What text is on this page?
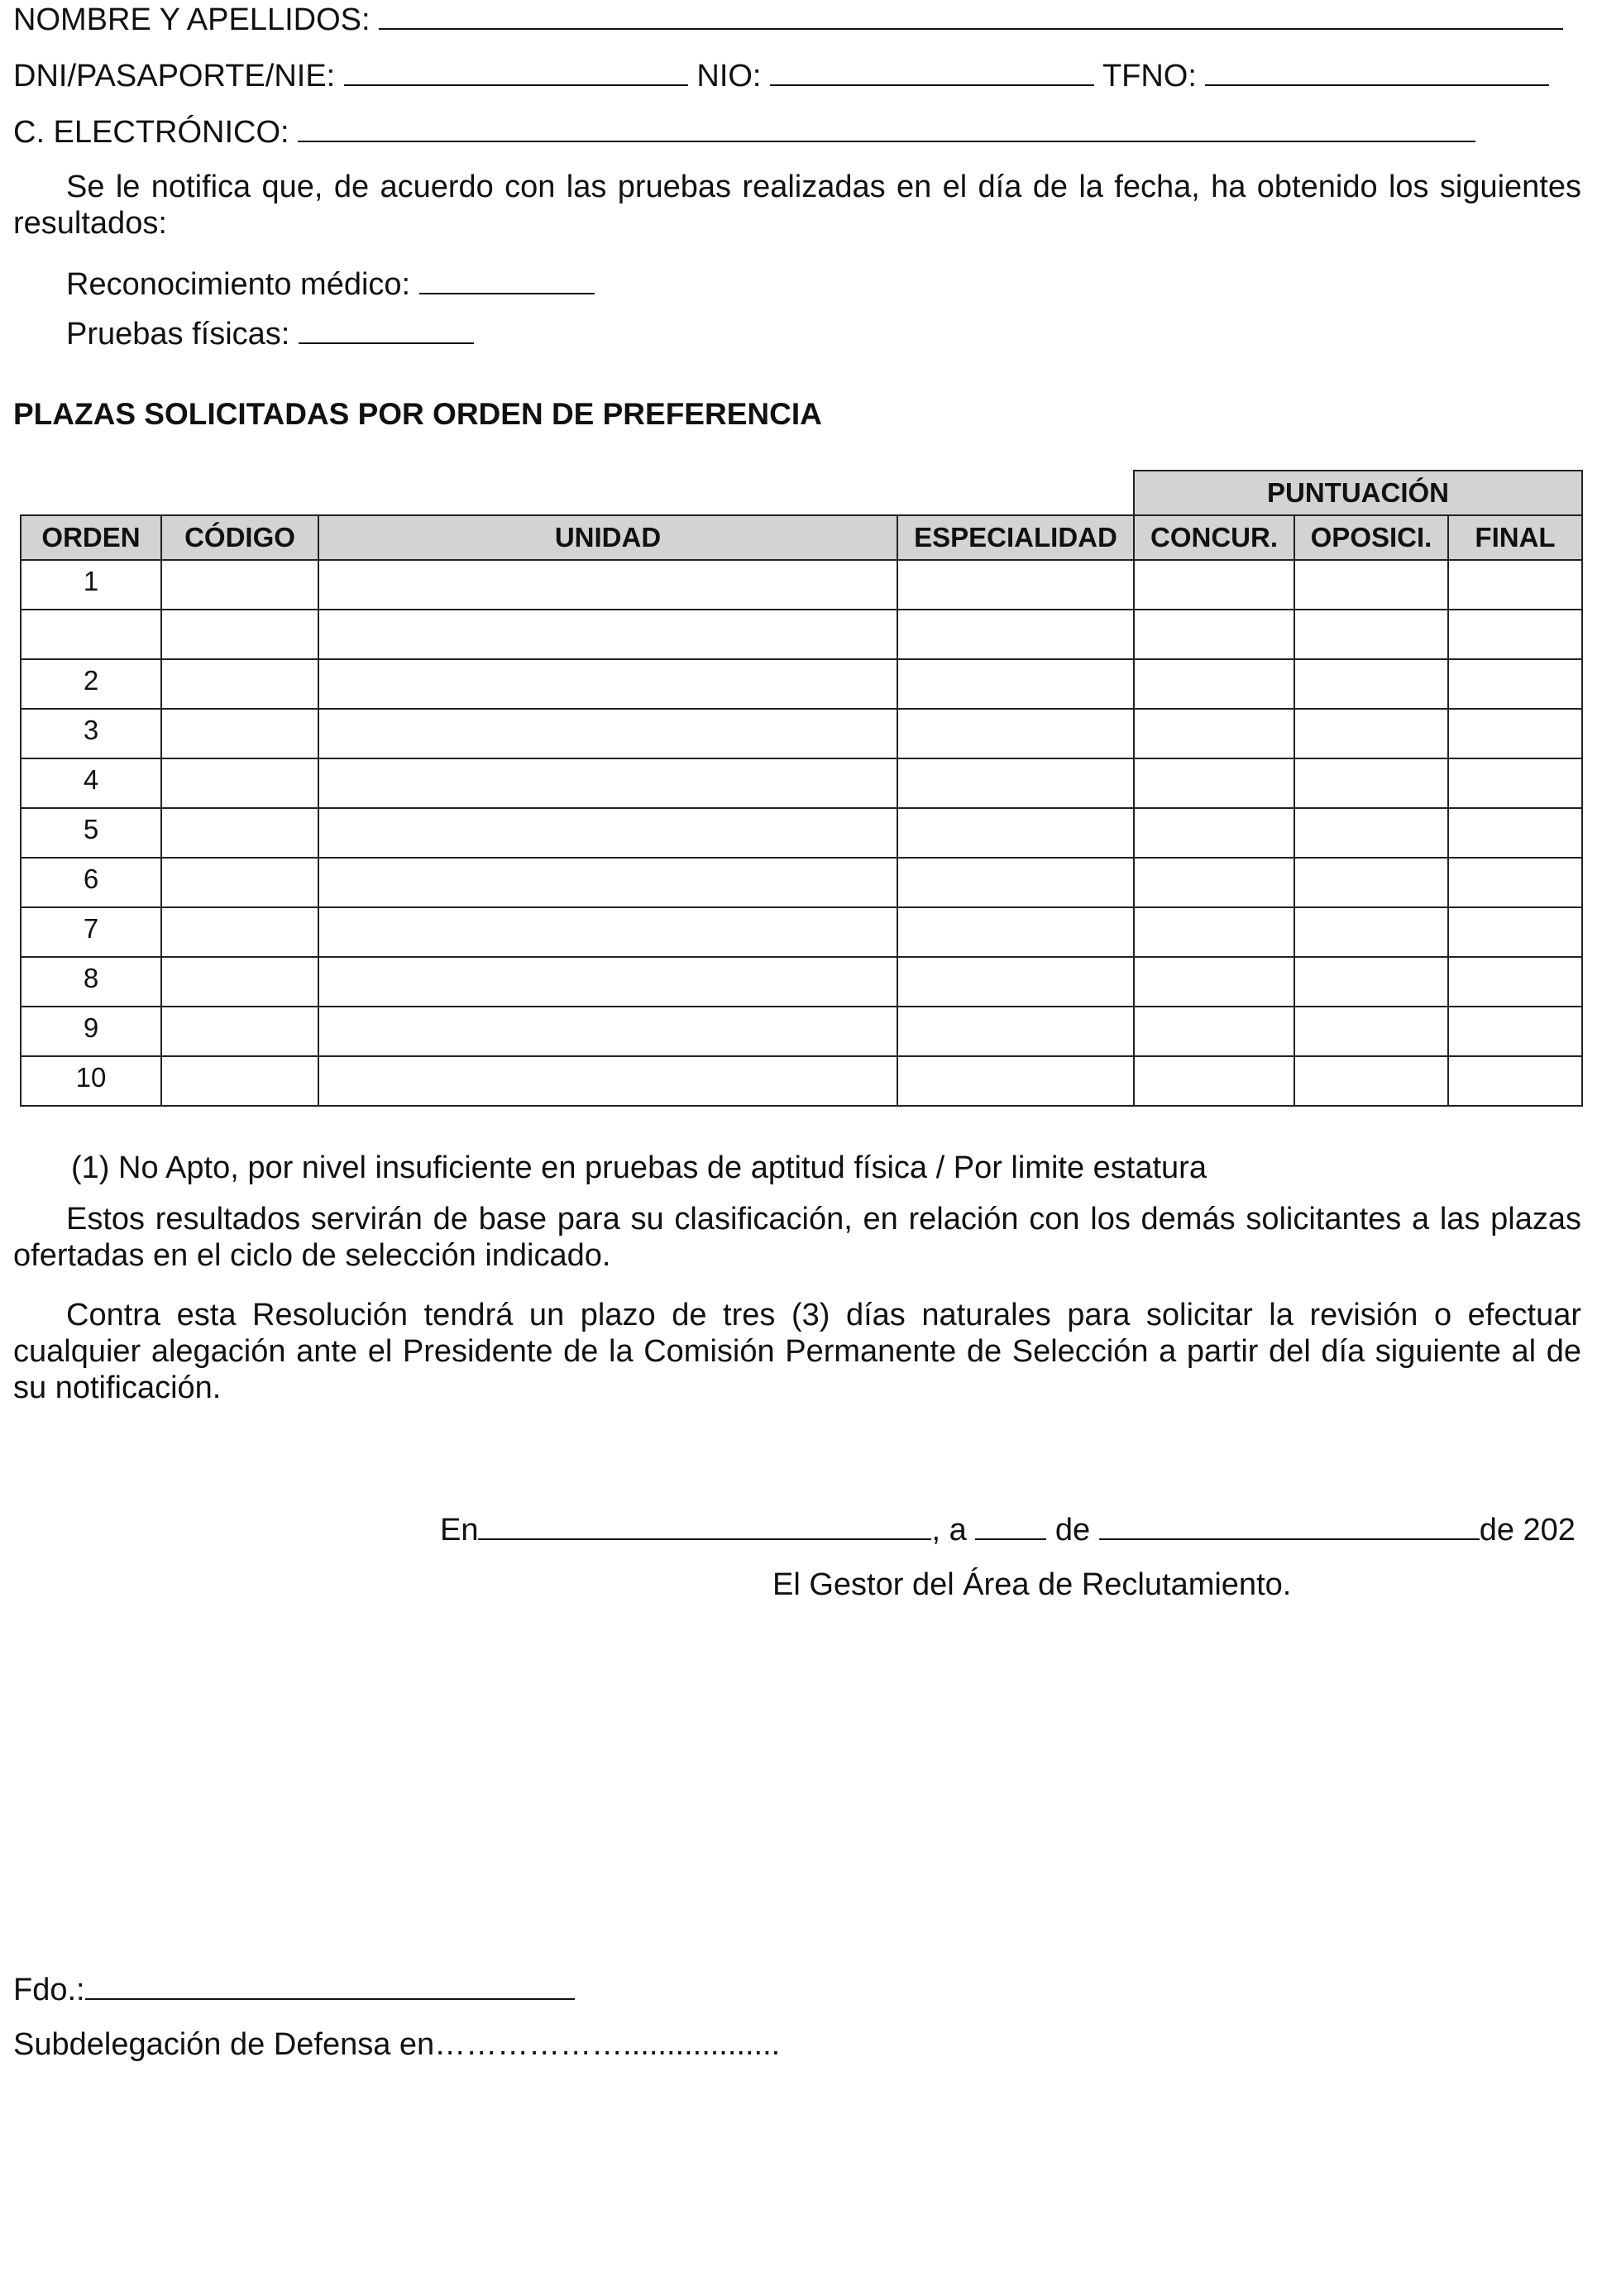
NOMBRE Y APELLIDOS:
DNI/PASAPORTE/NIE:	NIO:	TFNO:
C. ELECTRÓNICO:
Se le notifica que, de acuerdo con las pruebas realizadas en el día de la fecha, ha obtenido los siguientes resultados:
Reconocimiento médico:
Pruebas físicas:
PLAZAS SOLICITADAS POR ORDEN DE PREFERENCIA
				PUNTUACIÓN		
ORDEN	CÓDIGO	UNIDAD	ESPECIALIDAD	CONCUR.	OPOSICI.	FINAL
1						

2						
3						
4						
5						
6						
7						
8						
9						
10						
(1) No Apto, por nivel insuficiente en pruebas de aptitud física / Por limite estatura
Estos resultados servirán de base para su clasificación, en relación con los demás solicitantes a las plazas ofertadas en el ciclo de selección indicado.
Contra esta Resolución tendrá un plazo de tres (3) días naturales para solicitar la revisión o efectuar cualquier alegación ante el Presidente de la Comisión Permanente de Selección a partir del día siguiente al de su notificación.
En	, a	de	de 202
El Gestor del Área de Reclutamiento.
Fdo.:
Subdelegación de Defensa en………………..................
